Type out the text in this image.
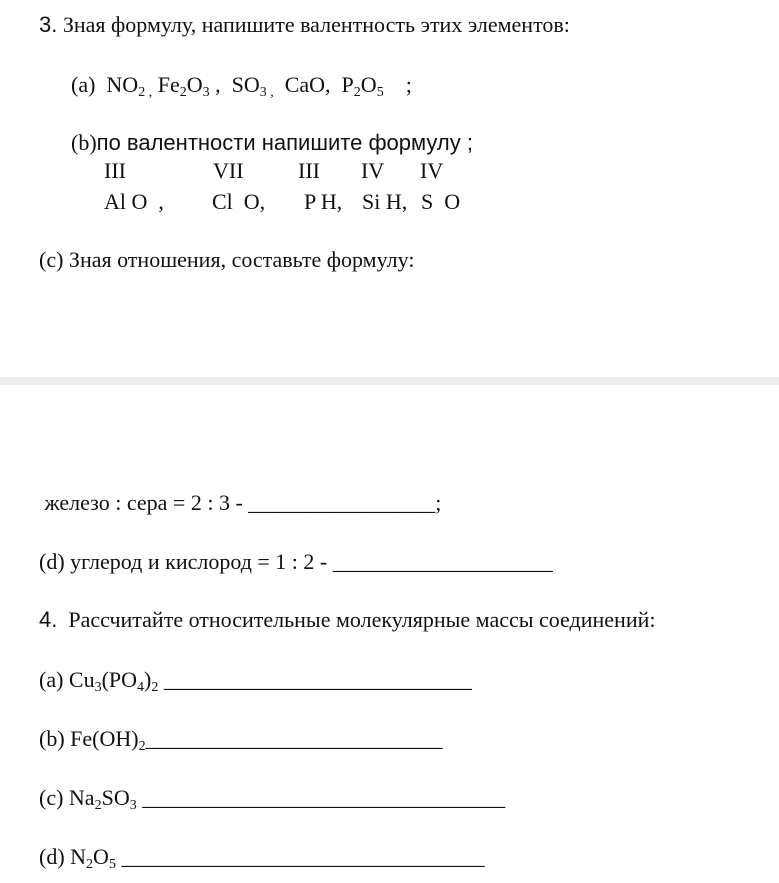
3. Зная формулу, напишите валентность этих элементов:
(a) $NO_{2 ,}$ $Fe_2O_3$ , $SO_{3 ,}$ CaO, $P_2O_5$ ;
(b)по валентности напишите формулу ;
III	VII III IV IV
Al O  , Cl  O, P H, Si H, S  O
(c) Зная отношения, составьте формулу:
железо : сера = 2 : 3 - _________________;
(d) углерод и кислород = 1 : 2 - ____________________
4.  Рассчитайте относительные молекулярные массы соединений:
(a) $Cu_3(PO_4)_2$ ____________________________
(b) $Fe(OH)_2\_\_\_\_\_\_\_\_\_\_\_\_\_\_\_\_\_\_\_\_\_\_\_\_\_\_\_$
(c) $Na_2SO_3$ _________________________________
(d) $N_2O_5$ _________________________________
